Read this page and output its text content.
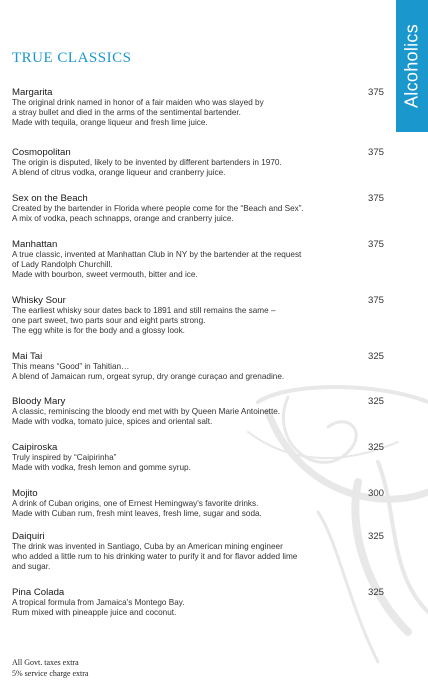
Alcoholics
TRUE CLASSICS
Margarita
The original drink named in honor of a fair maiden who was slayed by
a stray bullet and died in the arms of the sentimental bartender.
Made with tequila, orange liqueur and fresh lime juice.
375
Cosmopolitan
The origin is disputed, likely to be invented by different bartenders in 1970.
A blend of citrus vodka, orange liqueur and cranberry juice.
375
Sex on the Beach
Created by the bartender in Florida where people come for the “Beach and Sex”.
A mix of vodka, peach schnapps, orange and cranberry juice.
375
Manhattan
A true classic, invented at Manhattan Club in NY by the bartender at the request
of Lady Randolph Churchill.
Made with bourbon, sweet vermouth, bitter and ice.
375
Whisky Sour
The earliest whisky sour dates back to 1891 and still remains the same –
one part sweet, two parts sour and eight parts strong.
The egg white is for the body and a glossy look.
375
Mai Tai
This means “Good” in Tahitian…
A blend of Jamaican rum, orgeat syrup, dry orange curaçao and grenadine.
325
Bloody Mary
A classic, reminiscing the bloody end met with by Queen Marie Antoinette.
Made with vodka, tomato juice, spices and oriental salt.
325
Caipiroska
Truly inspired by “Caipirinha”
Made with vodka, fresh lemon and gomme syrup.
325
Mojito
A drink of Cuban origins, one of Ernest Hemingway's favorite drinks.
Made with Cuban rum, fresh mint leaves, fresh lime, sugar and soda.
300
Daiquiri
The drink was invented in Santiago, Cuba by an American mining engineer
who added a little rum to his drinking water to purify it and for flavor added lime
and sugar.
325
Pina Colada
A tropical formula from Jamaica's Montego Bay.
Rum mixed with pineapple juice and coconut.
325
All Govt. taxes extra
5% service charge extra
